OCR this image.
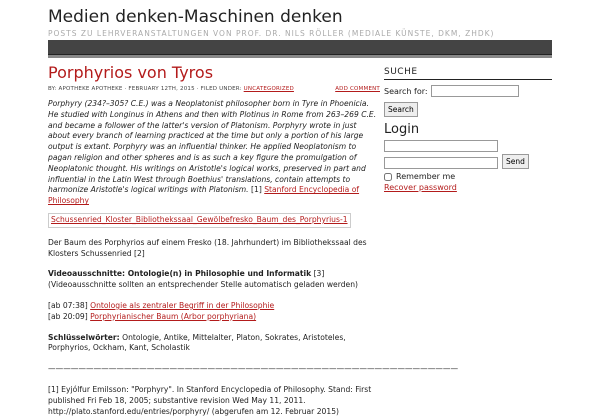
Medien denken-Maschinen denken
POSTS ZU LEHRVERANSTALTUNGEN VON PROF. DR. NILS RÖLLER (MEDIALE KÜNSTE, DKM, ZHDK)
Porphyrios von Tyros
BY: APOTHEKE APOTHEKE · FEBRUARY 12TH, 2015 · FILED UNDER: UNCATEGORIZED	ADD COMMENT

Porphyry (234?–305? C.E.) was a Neoplatonist philosopher born in Tyre in Phoenicia. He studied with Longinus in Athens and then with Plotinus in Rome from 263–269 C.E. and became a follower of the latter's version of Platonism. Porphyry wrote in just about every branch of learning practiced at the time but only a portion of his large output is extant. Porphyry was an influential thinker. He applied Neoplatonism to pagan religion and other spheres and is as such a key figure the promulgation of Neoplatonic thought. His writings on Aristotle's logical works, preserved in part and influential in the Latin West through Boethius' translations, contain attempts to harmonize Aristotle's logical writings with Platonism. [1] Stanford Encyclopedia of Philosophy

Schussenried_Kloster_Bibliothekssaal_Gewölbefresko_Baum_des_Porphyrius-1

Der Baum des Porphyrios auf einem Fresko (18. Jahrhundert) im Bibliothekssaal des Klosters Schussenried [2]

Videoausschnitte: Ontologie(n) in Philosophie und Informatik [3]
(Videoausschnitte sollten an entsprechender Stelle automatisch geladen werden)

[ab 07:38] Ontologie als zentraler Begriff in der Philosophie
[ab 20:09] Porphyrianischer Baum (Arbor porphyriana)

Schlüsselwörter: Ontologie, Antike, Mittelalter, Platon, Sokrates, Aristoteles, Porphyrios, Ockham, Kant, Scholastik

——————————————————————————————————————————————————————

[1] Eyjólfur Emilsson: "Porphyry". In Stanford Encyclopedia of Philosophy. Stand: First published Fri Feb 18, 2005; substantive revision Wed May 11, 2011. http://plato.stanford.edu/entries/porphyry/ (abgerufen am 12. Februar 2015)

SUCHE
Search for:
Search
Login
Send
Remember me
Recover password
